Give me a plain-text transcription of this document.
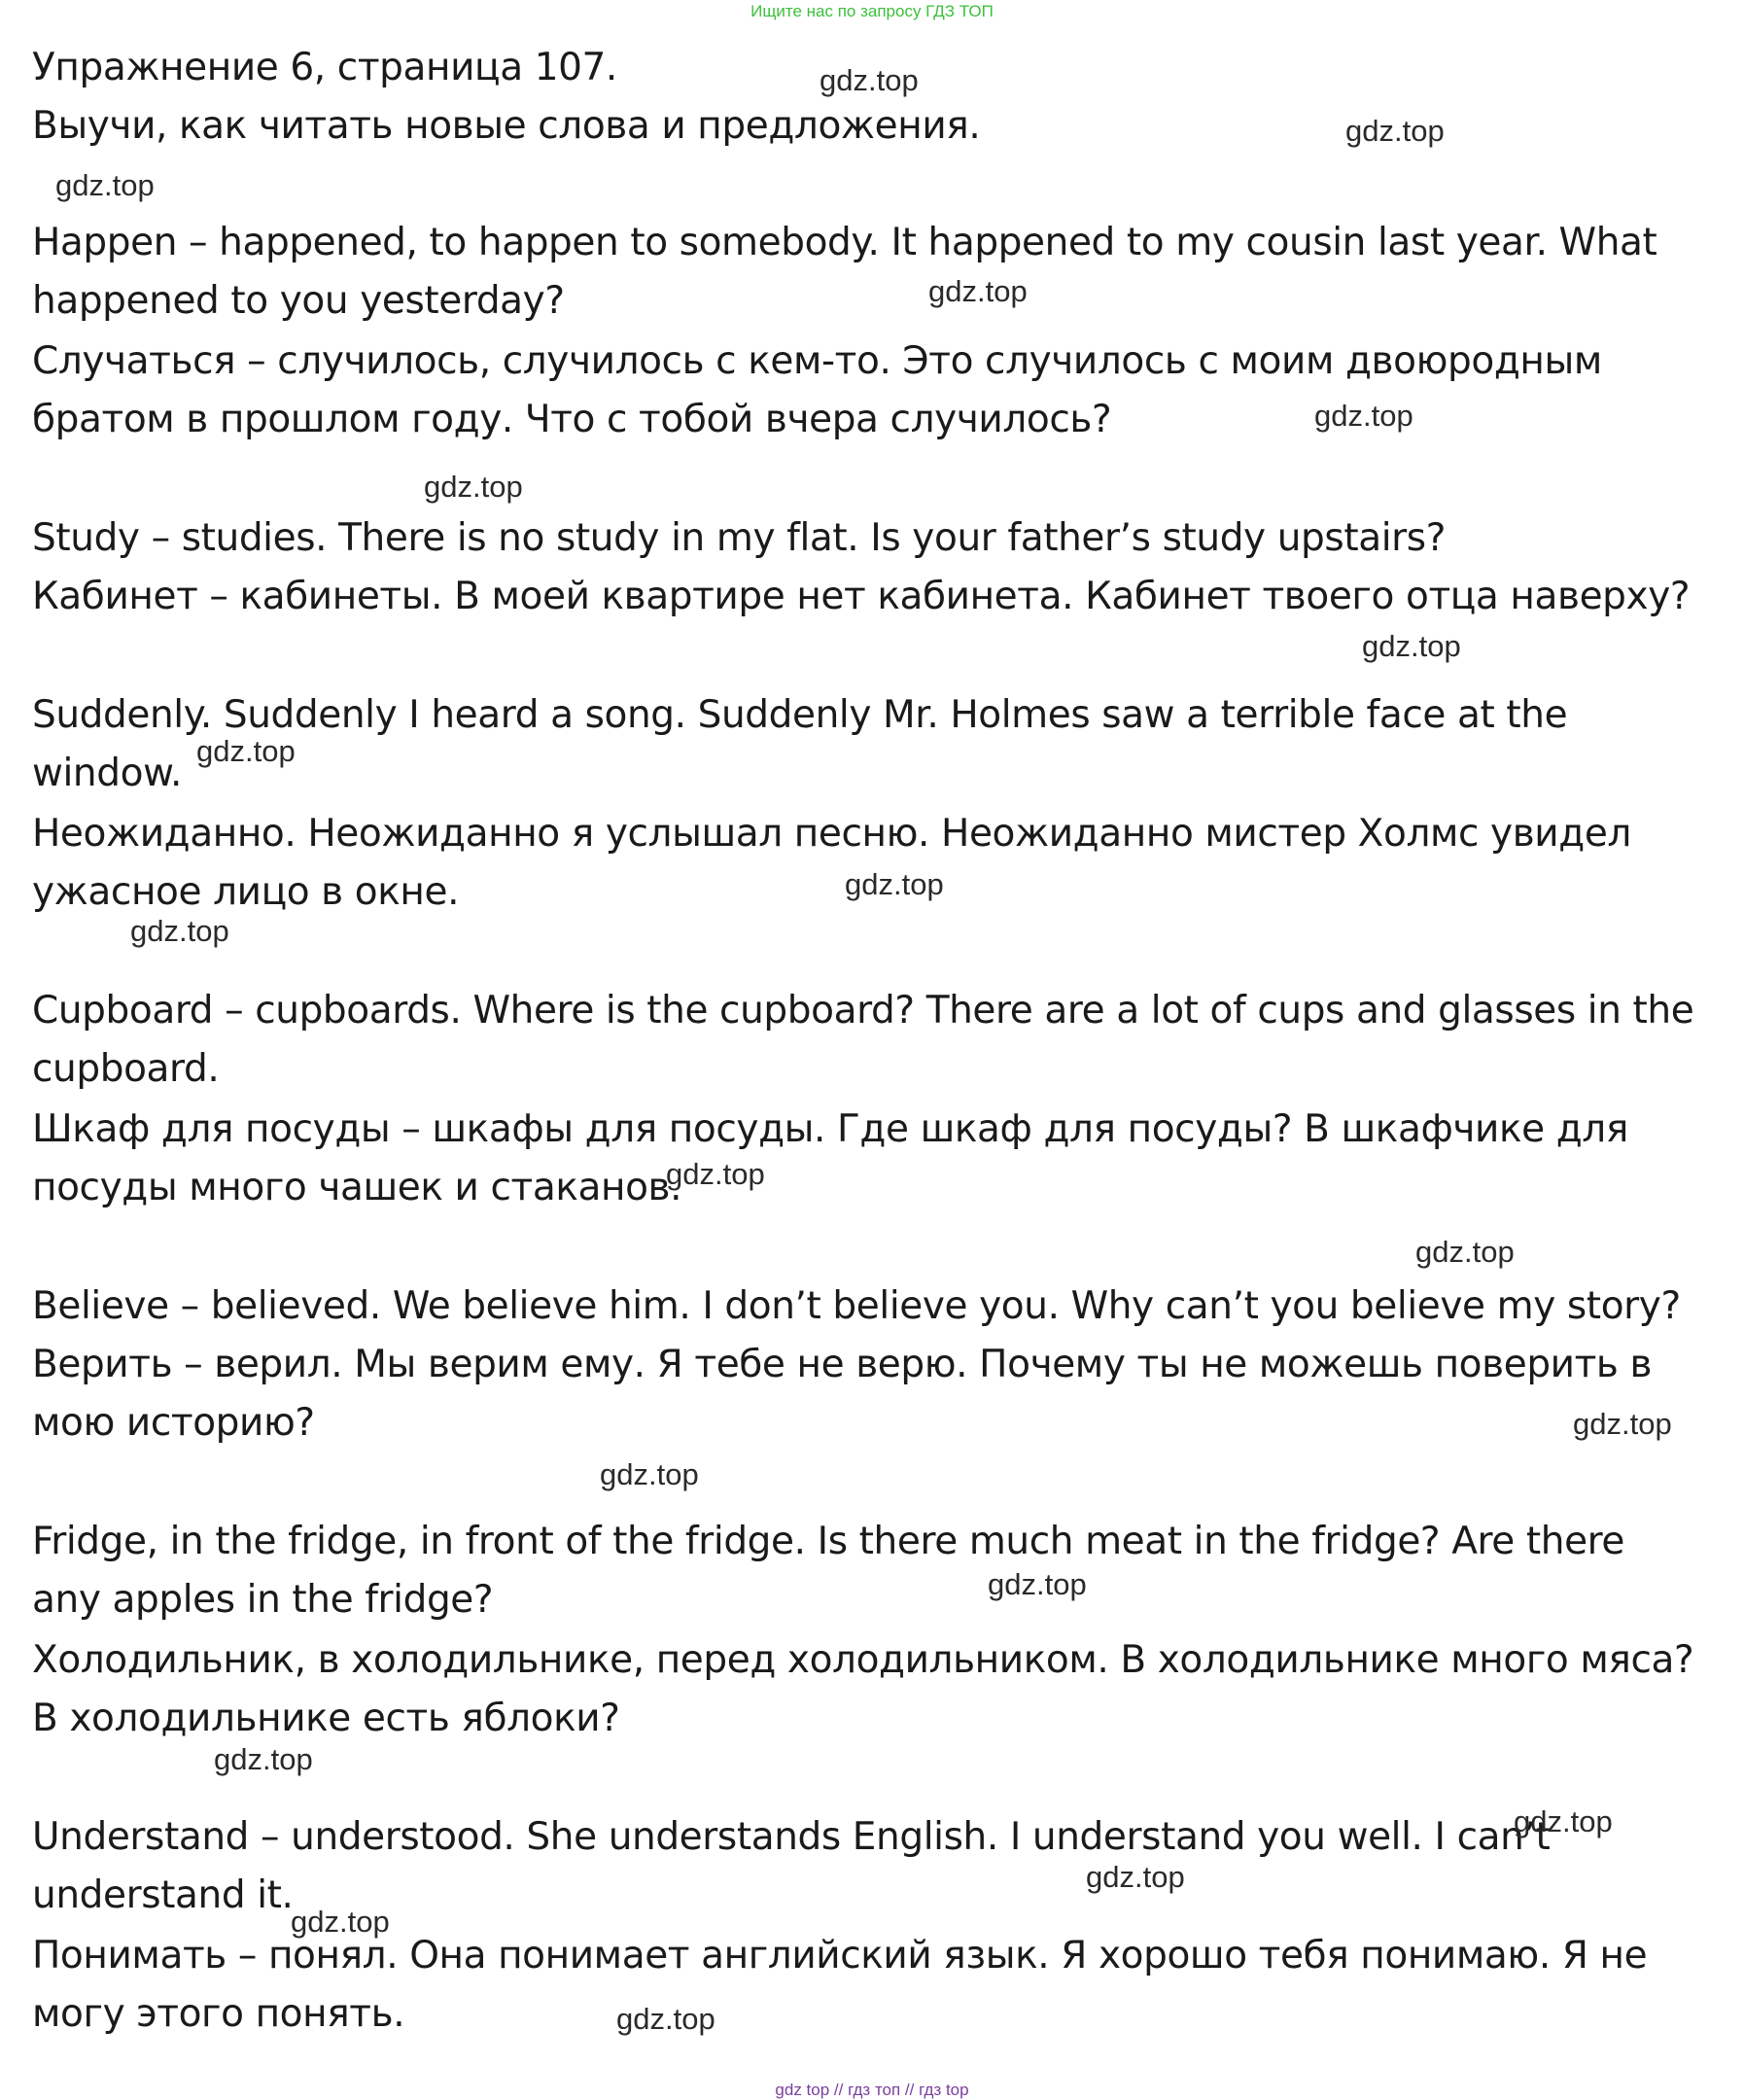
Ищите нас по запросу ГДЗ ТОП
Упражнение 6, страница 107.
Выучи, как читать новые слова и предложения.
Happen – happened, to happen to somebody. It happened to my cousin last year. What
happened to you yesterday?
Случаться – случилось, случилось с кем-то. Это случилось с моим двоюродным
братом в прошлом году. Что с тобой вчера случилось?
Study – studies. There is no study in my flat. Is your father’s study upstairs?
Кабинет – кабинеты. В моей квартире нет кабинета. Кабинет твоего отца наверху?
Suddenly. Suddenly I heard a song. Suddenly Mr. Holmes saw a terrible face at the
window.
Неожиданно. Неожиданно я услышал песню. Неожиданно мистер Холмс увидел
ужасное лицо в окне.
Cupboard – cupboards. Where is the cupboard? There are a lot of cups and glasses in the
cupboard.
Шкаф для посуды – шкафы для посуды. Где шкаф для посуды? В шкафчике для
посуды много чашек и стаканов.
Believe – believed. We believe him. I don’t believe you. Why can’t you believe my story?
Верить – верил. Мы верим ему. Я тебе не верю. Почему ты не можешь поверить в
мою историю?
Fridge, in the fridge, in front of the fridge. Is there much meat in the fridge? Are there
any apples in the fridge?
Холодильник, в холодильнике, перед холодильником. В холодильнике много мяса?
В холодильнике есть яблоки?
Understand – understood. She understands English. I understand you well. I can’t
understand it.
Понимать – понял. Она понимает английский язык. Я хорошо тебя понимаю. Я не
могу этого понять.
gdz.top
gdz.top
gdz.top
gdz.top
gdz.top
gdz.top
gdz.top
gdz.top
gdz.top
gdz.top
gdz.top
gdz.top
gdz.top
gdz.top
gdz.top
gdz.top
gdz.top
gdz.top
gdz.top
gdz.top
gdz top // гдз топ // гдз top
